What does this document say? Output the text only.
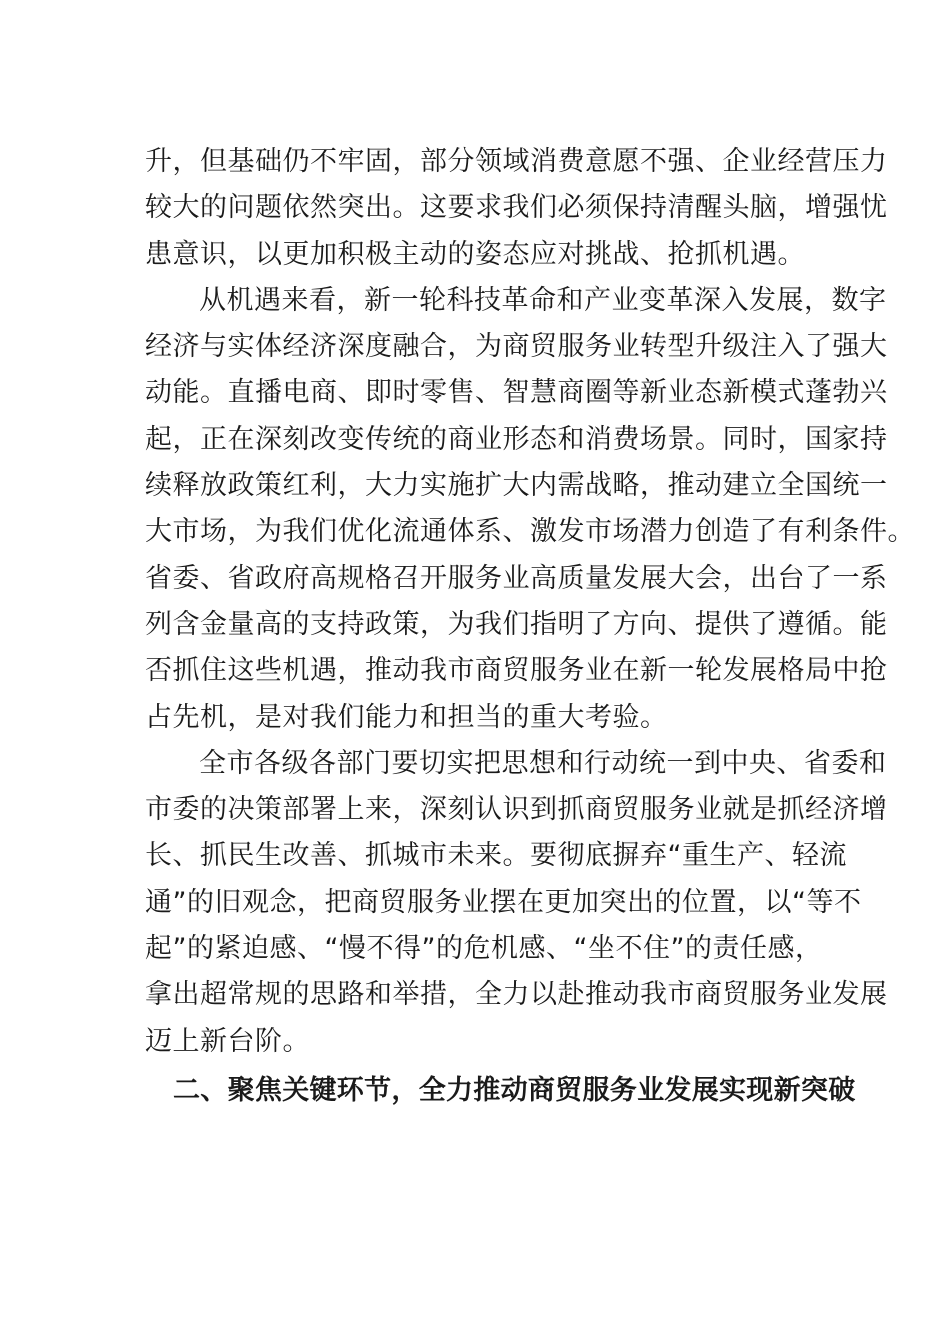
升，但基础仍不牢固，部分领域消费意愿不强、企业经营压力
较大的问题依然突出。这要求我们必须保持清醒头脑，增强忧
患意识，以更加积极主动的姿态应对挑战、抢抓机遇。
从机遇来看，新一轮科技革命和产业变革深入发展，数字
经济与实体经济深度融合，为商贸服务业转型升级注入了强大
动能。直播电商、即时零售、智慧商圈等新业态新模式蓬勃兴
起，正在深刻改变传统的商业形态和消费场景。同时，国家持
续释放政策红利，大力实施扩大内需战略，推动建立全国统一
大市场，为我们优化流通体系、激发市场潜力创造了有利条件。
省委、省政府高规格召开服务业高质量发展大会，出台了一系
列含金量高的支持政策，为我们指明了方向、提供了遵循。能
否抓住这些机遇，推动我市商贸服务业在新一轮发展格局中抢
占先机，是对我们能力和担当的重大考验。
全市各级各部门要切实把思想和行动统一到中央、省委和
市委的决策部署上来，深刻认识到抓商贸服务业就是抓经济增
长、抓民生改善、抓城市未来。要彻底摒弃“重生产、轻流
通”的旧观念，把商贸服务业摆在更加突出的位置，以“等不
起”的紧迫感、“慢不得”的危机感、“坐不住”的责任感，
拿出超常规的思路和举措，全力以赴推动我市商贸服务业发展
迈上新台阶。
二、聚焦关键环节，全力推动商贸服务业发展实现新突破
